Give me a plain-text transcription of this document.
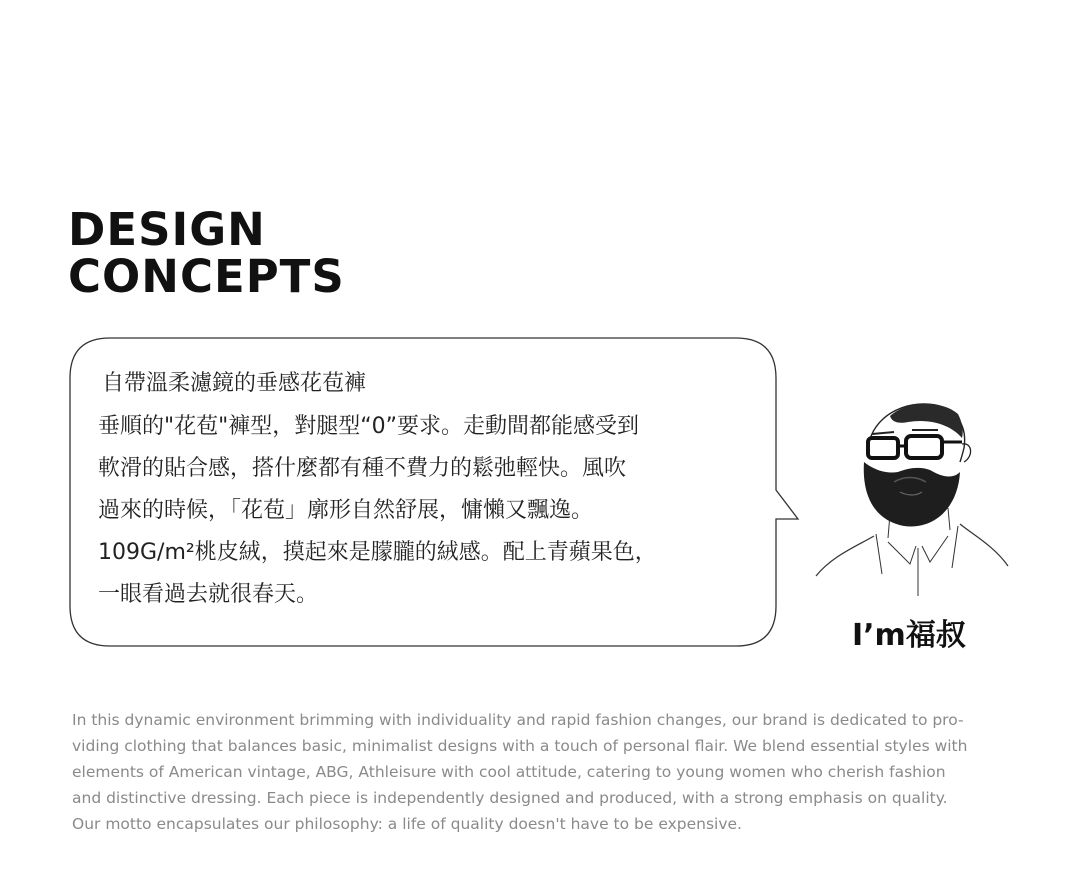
DESIGN
CONCEPTS

自帶溫柔濾鏡的垂感花苞褲

垂順的"花苞"褲型，對腿型“0”要求。走動間都能感受到

軟滑的貼合感，搭什麼都有種不費力的鬆弛輕快。風吹

過來的時候，「花苞」廓形自然舒展，慵懶又飄逸。

109G/m²桃皮絨，摸起來是朦朧的絨感。配上青蘋果色，

一眼看過去就很春天。

I’m福叔

In this dynamic environment brimming with individuality and rapid fashion changes, our brand is dedicated to pro-
viding clothing that balances basic, minimalist designs with a touch of personal flair. We blend essential styles with
elements of American vintage, ABG, Athleisure with cool attitude, catering to young women who cherish fashion
and distinctive dressing. Each piece is independently designed and produced, with a strong emphasis on quality.
Our motto encapsulates our philosophy: a life of quality doesn't have to be expensive.
